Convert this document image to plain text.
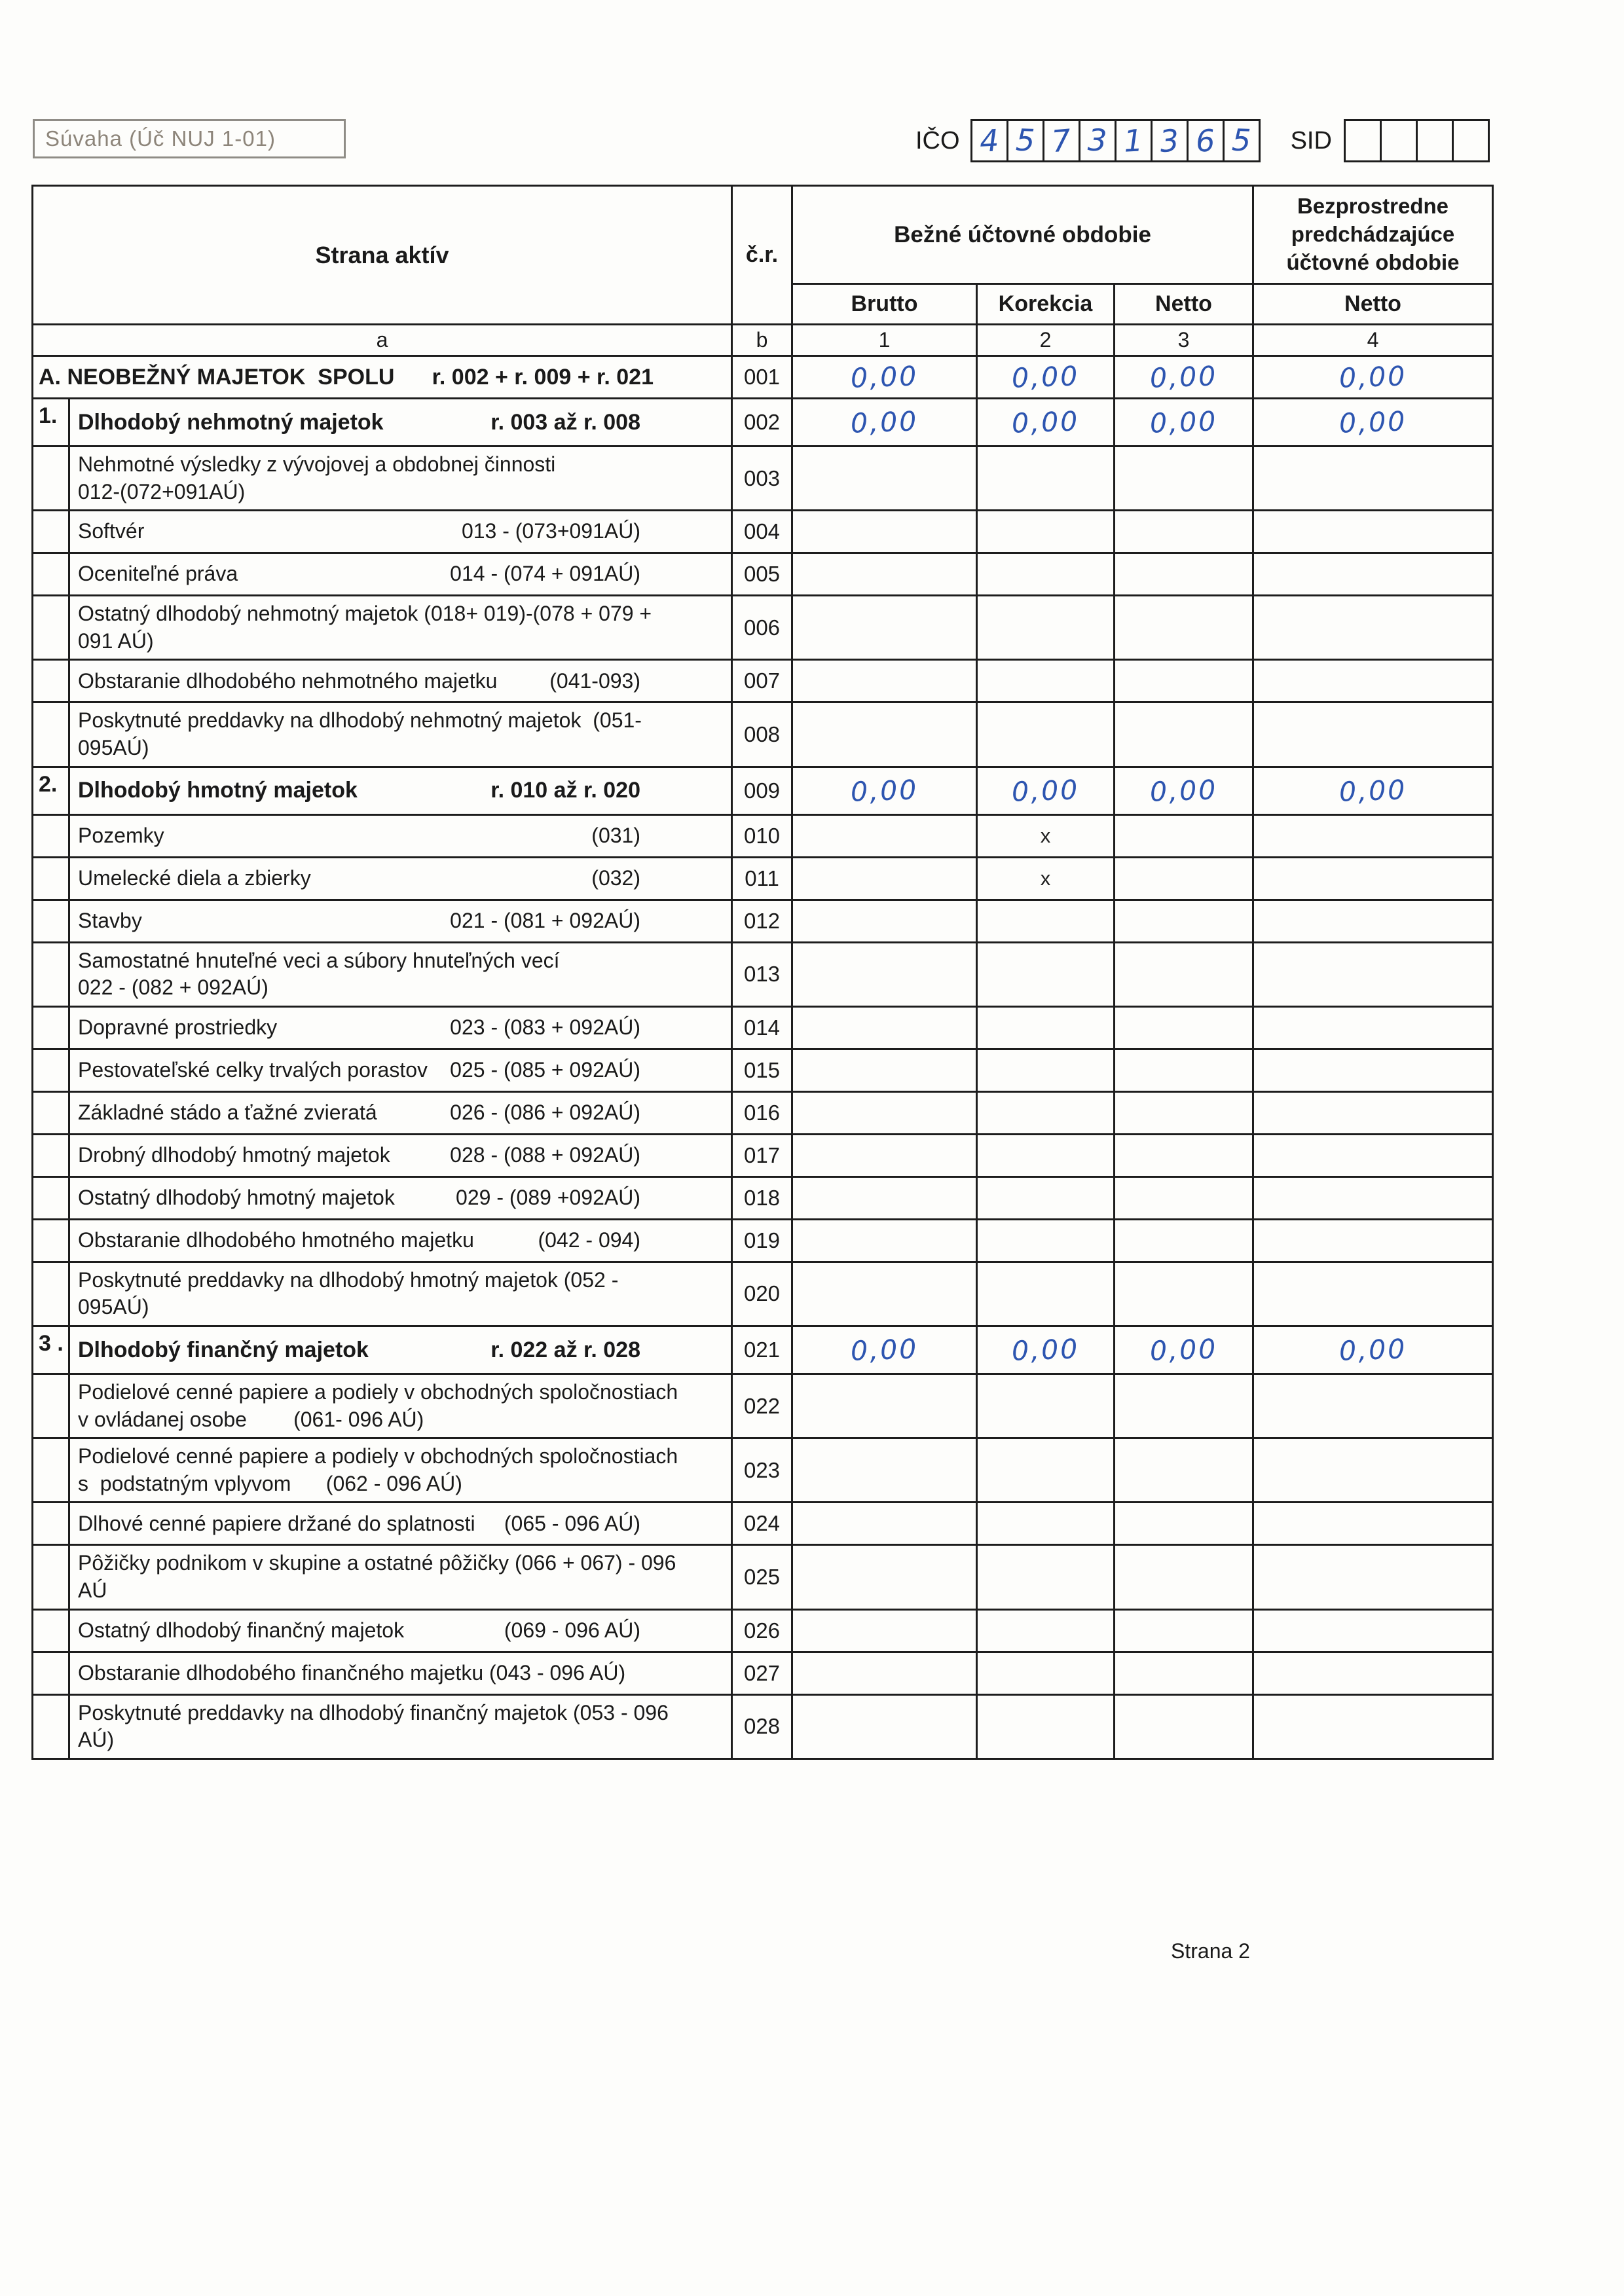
Súvaha (Úč NUJ 1-01)	IČO 4 5 7 3 1 3 6 5 SID
Strana aktív	č.r.	Bežné účtovné obdobie			Bezprostredne predchádzajúce účtovné obdobie
		Brutto	Korekcia	Netto	Netto
a	b	1	2	3	4

A. NEOBEŽNÝ MAJETOK  SPOLU r. 002 + r. 009 + r. 021	001	0,00	0,00	0,00	0,00

1. Dlhodobý nehmotný majetok r. 003 až r. 008	002	0,00	0,00	0,00	0,00

Nehmotné výsledky z vývojovej a obdobnej činnosti
012-(072+091AÚ)	003				

Softvér 013 - (073+091AÚ)	004				

Oceniteľné práva 014 - (074 + 091AÚ)	005				

Ostatný dlhodobý nehmotný majetok (018+ 019)-(078 + 079 +
091 AÚ)	006				

Obstaranie dlhodobého nehmotného majetku (041-093)	007				

Poskytnuté preddavky na dlhodobý nehmotný majetok  (051-
095AÚ)	008				

2. Dlhodobý hmotný majetok r. 010 až r. 020	009	0,00	0,00	0,00	0,00

Pozemky (031)	010		x		

Umelecké diela a zbierky (032)	011		x		

Stavby 021 - (081 + 092AÚ)	012				

Samostatné hnuteľné veci a súbory hnuteľných vecí
022 - (082 + 092AÚ)	013				

Dopravné prostriedky 023 - (083 + 092AÚ)	014				

Pestovateľské celky trvalých porastov 025 - (085 + 092AÚ)	015				

Základné stádo a ťažné zvieratá 026 - (086 + 092AÚ)	016				

Drobný dlhodobý hmotný majetok 028 - (088 + 092AÚ)	017				

Ostatný dlhodobý hmotný majetok 029 - (089 +092AÚ)	018				

Obstaranie dlhodobého hmotného majetku (042 - 094)	019				

Poskytnuté preddavky na dlhodobý hmotný majetok (052 -
095AÚ)	020				

3 . Dlhodobý finančný majetok r. 022 až r. 028	021	0,00	0,00	0,00	0,00

Podielové cenné papiere a podiely v obchodných spoločnostiach
v ovládanej osobe        (061- 096 AÚ)	022				

Podielové cenné papiere a podiely v obchodných spoločnostiach
s  podstatným vplyvom      (062 - 096 AÚ)	023				

Dlhové cenné papiere držané do splatnosti (065 - 096 AÚ)	024				

Pôžičky podnikom v skupine a ostatné pôžičky (066 + 067) - 096
AÚ	025				

Ostatný dlhodobý finančný majetok (069 - 096 AÚ)	026				

Obstaranie dlhodobého finančného majetku (043 - 096 AÚ)	027				

Poskytnuté preddavky na dlhodobý finančný majetok (053 - 096
AÚ)	028				
Strana 2
